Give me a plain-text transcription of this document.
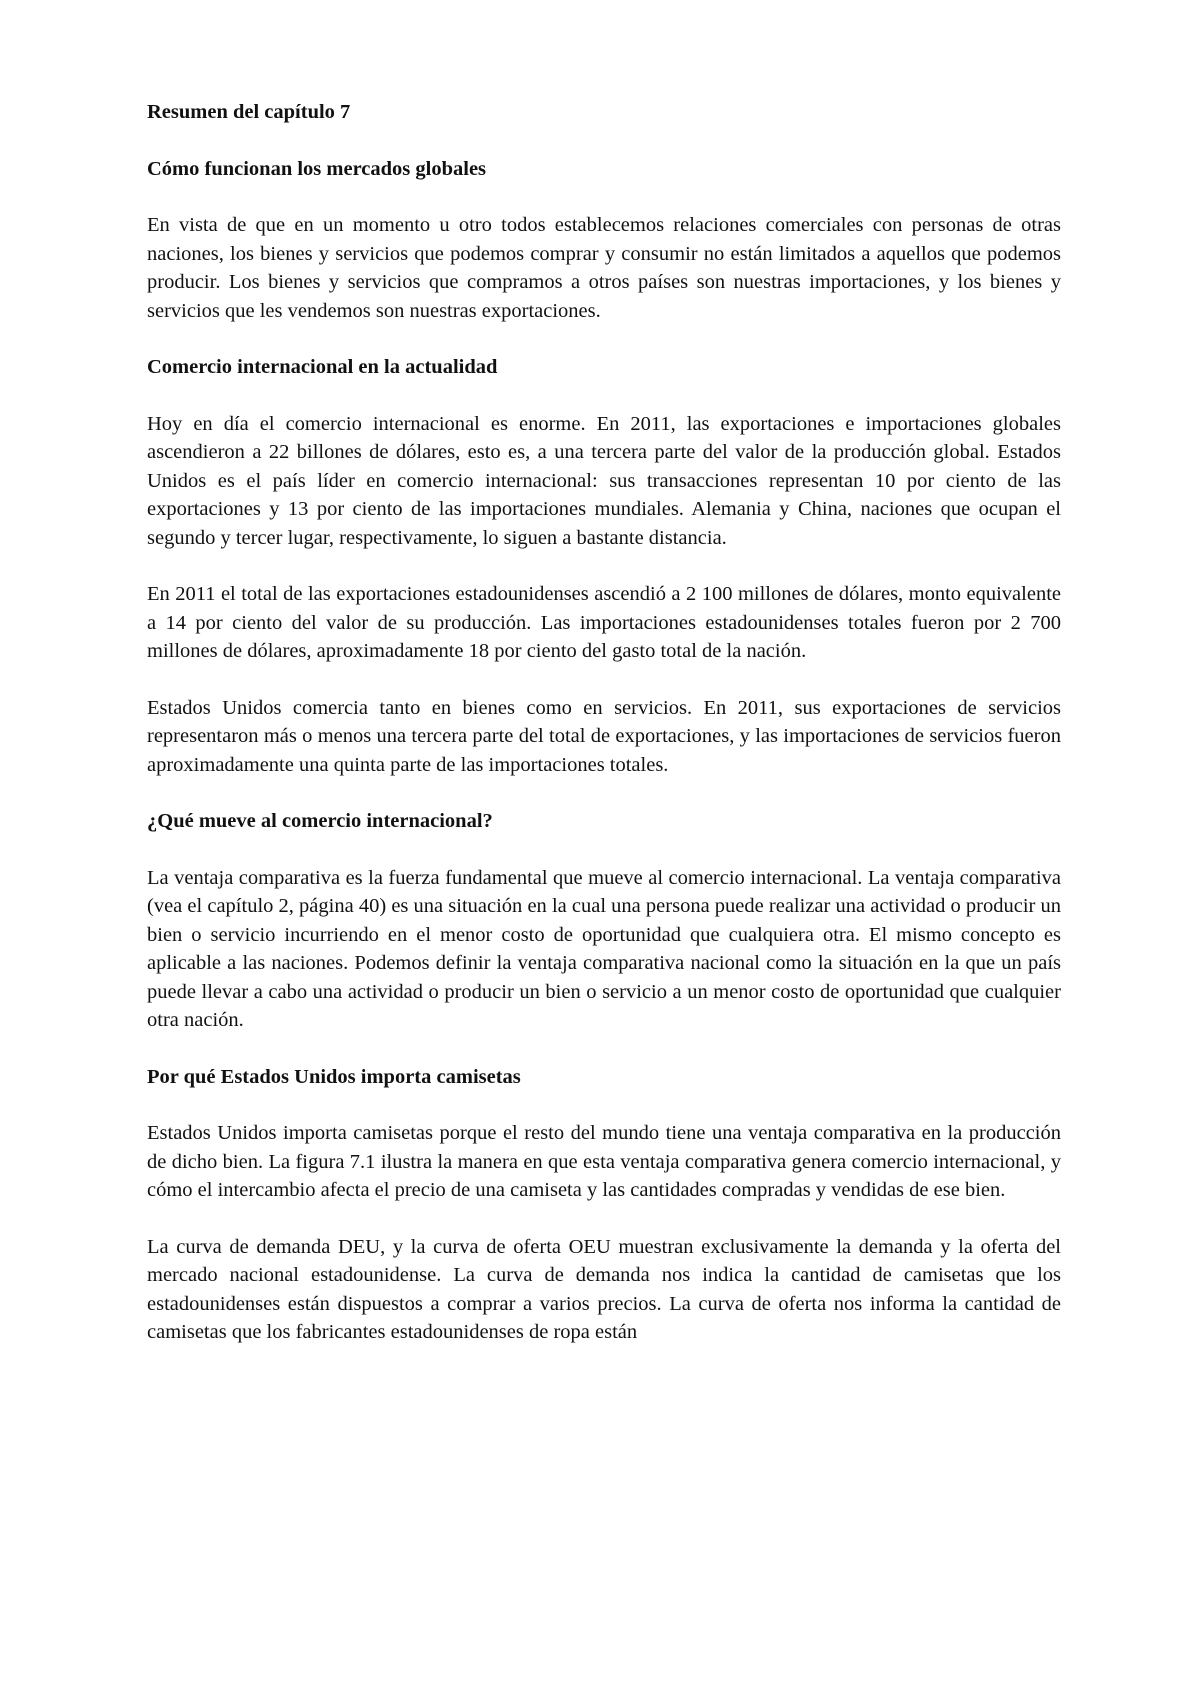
Resumen del capítulo 7
Cómo funcionan los mercados globales

En vista de que en un momento u otro todos establecemos relaciones comerciales con personas de otras naciones, los bienes y servicios que podemos comprar y consumir no están limitados a aquellos que podemos producir. Los bienes y servicios que compramos a otros países son nuestras importaciones, y los bienes y servicios que les vendemos son nuestras exportaciones.

Comercio internacional en la actualidad

Hoy en día el comercio internacional es enorme. En 2011, las exportaciones e importaciones globales ascendieron a 22 billones de dólares, esto es, a una tercera parte del valor de la producción global. Estados Unidos es el país líder en comercio internacional: sus transacciones representan 10 por ciento de las exportaciones y 13 por ciento de las importaciones mundiales. Alemania y China, naciones que ocupan el segundo y tercer lugar, respectivamente, lo siguen a bastante distancia.

En 2011 el total de las exportaciones estadounidenses ascendió a 2 100 millones de dólares, monto equivalente a 14 por ciento del valor de su producción. Las importaciones estadounidenses totales fueron por 2 700 millones de dólares, aproximadamente 18 por ciento del gasto total de la nación.

Estados Unidos comercia tanto en bienes como en servicios. En 2011, sus exportaciones de servicios representaron más o menos una tercera parte del total de exportaciones, y las importaciones de servicios fueron aproximadamente una quinta parte de las importaciones totales.

¿Qué mueve al comercio internacional?

La ventaja comparativa es la fuerza fundamental que mueve al comercio internacional. La ventaja comparativa (vea el capítulo 2, página 40) es una situación en la cual una persona puede realizar una actividad o producir un bien o servicio incurriendo en el menor costo de oportunidad que cualquiera otra. El mismo concepto es aplicable a las naciones. Podemos definir la ventaja comparativa nacional como la situación en la que un país puede llevar a cabo una actividad o producir un bien o servicio a un menor costo de oportunidad que cualquier otra nación.

Por qué Estados Unidos importa camisetas

Estados Unidos importa camisetas porque el resto del mundo tiene una ventaja comparativa en la producción de dicho bien. La figura 7.1 ilustra la manera en que esta ventaja comparativa genera comercio internacional, y cómo el intercambio afecta el precio de una camiseta y las cantidades compradas y vendidas de ese bien.

La curva de demanda DEU, y la curva de oferta OEU muestran exclusivamente la demanda y la oferta del mercado nacional estadounidense. La curva de demanda nos indica la cantidad de camisetas que los estadounidenses están dispuestos a comprar a varios precios. La curva de oferta nos informa la cantidad de camisetas que los fabricantes estadounidenses de ropa están
